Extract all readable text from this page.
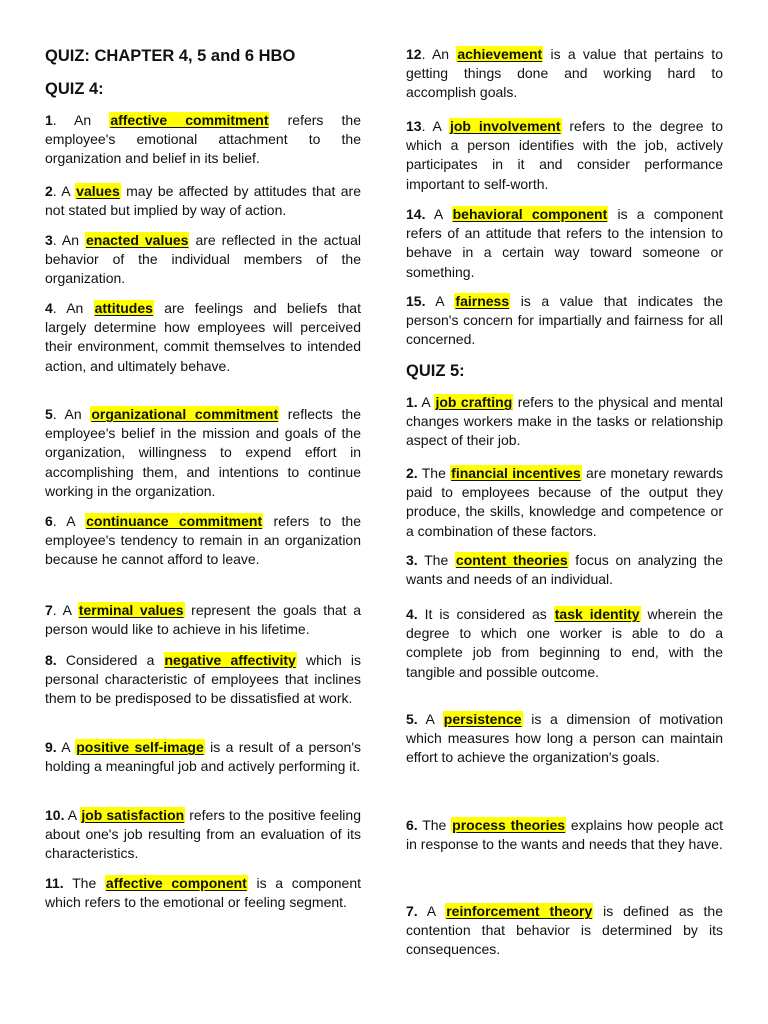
QUIZ: CHAPTER 4, 5 and 6 HBO
QUIZ 4:
1. An affective commitment refers the employee's emotional attachment to the organization and belief in its belief.
2. A values may be affected by attitudes that are not stated but implied by way of action.
3. An enacted values are reflected in the actual behavior of the individual members of the organization.
4. An attitudes are feelings and beliefs that largely determine how employees will perceived their environment, commit themselves to intended action, and ultimately behave.
5. An organizational commitment reflects the employee's belief in the mission and goals of the organization, willingness to expend effort in accomplishing them, and intentions to continue working in the organization.
6. A continuance commitment refers to the employee's tendency to remain in an organization because he cannot afford to leave.
7. A terminal values represent the goals that a person would like to achieve in his lifetime.
8. Considered a negative affectivity which is personal characteristic of employees that inclines them to be predisposed to be dissatisfied at work.
9. A positive self-image is a result of a person's holding a meaningful job and actively performing it.
10. A job satisfaction refers to the positive feeling about one's job resulting from an evaluation of its characteristics.
11. The affective component is a component which refers to the emotional or feeling segment.
12. An achievement is a value that pertains to getting things done and working hard to accomplish goals.
13. A job involvement refers to the degree to which a person identifies with the job, actively participates in it and consider performance important to self-worth.
14. A behavioral component is a component refers of an attitude that refers to the intension to behave in a certain way toward someone or something.
15. A fairness is a value that indicates the person's concern for impartially and fairness for all concerned.
QUIZ 5:
1. A job crafting refers to the physical and mental changes workers make in the tasks or relationship aspect of their job.
2. The financial incentives are monetary rewards paid to employees because of the output they produce, the skills, knowledge and competence or a combination of these factors.
3. The content theories focus on analyzing the wants and needs of an individual.
4. It is considered as task identity wherein the degree to which one worker is able to do a complete job from beginning to end, with the tangible and possible outcome.
5. A persistence is a dimension of motivation which measures how long a person can maintain effort to achieve the organization's goals.
6. The process theories explains how people act in response to the wants and needs that they have.
7. A reinforcement theory is defined as the contention that behavior is determined by its consequences.
